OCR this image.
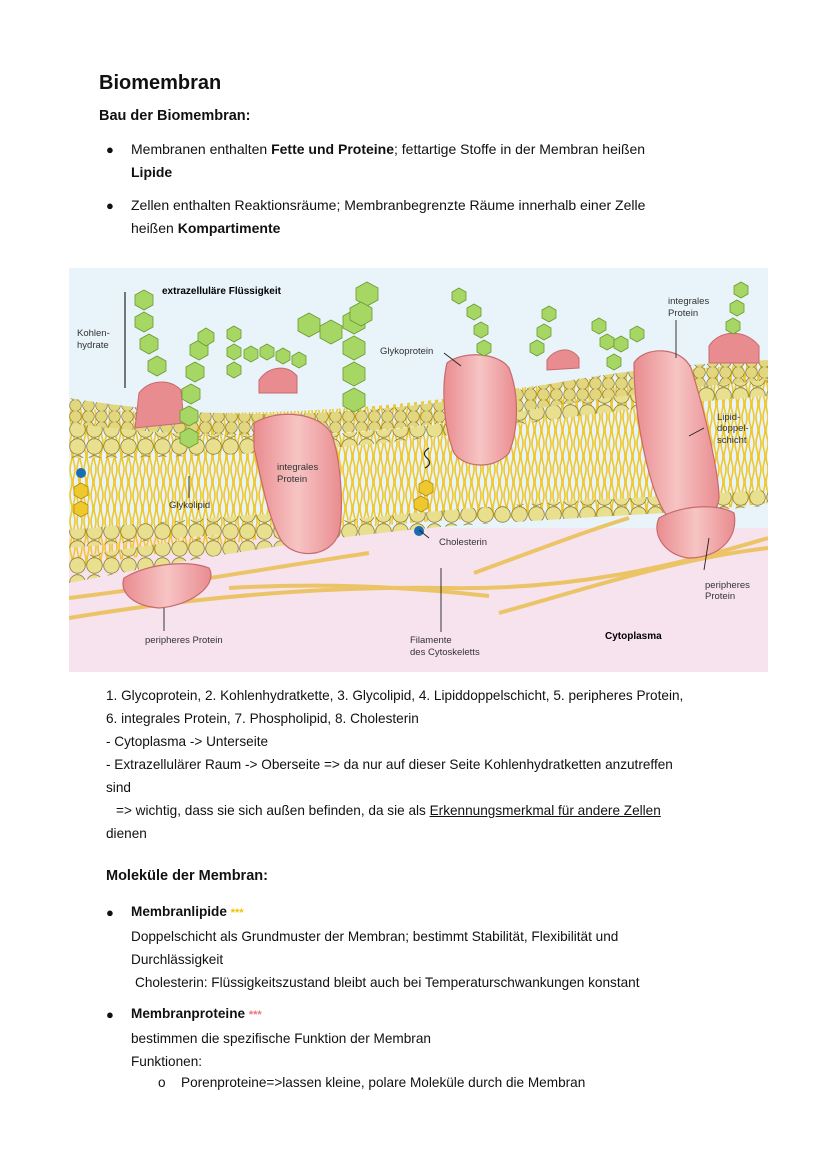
Biomembran
Bau der Biomembran:
● Membranen enthalten Fette und Proteine; fettartige Stoffe in der Membran heißen
Lipide
● Zellen enthalten Reaktionsräume; Membranbegrenzte Räume innerhalb einer Zelle
heißen Kompartimente
extrazelluläre Flüssigkeit
Kohlen-
hydrate
Glykoprotein
integrales
Protein
integrales
Protein
Lipid-
doppel-
schicht
Glykolipid
Cholesterin
peripheres
Protein
peripheres Protein	Filamente
des Cytoskeletts
Cytoplasma
1. Glycoprotein, 2. Kohlenhydratkette, 3. Glycolipid, 4. Lipiddoppelschicht, 5. peripheres Protein,
6. integrales Protein, 7. Phospholipid, 8. Cholesterin
- Cytoplasma -> Unterseite
- Extrazellulärer Raum -> Oberseite => da nur auf dieser Seite Kohlenhydratketten anzutreffen
sind
=> wichtig, dass sie sich außen befinden, da sie als Erkennungsmerkmal für andere Zellen
dienen
Moleküle der Membran:
● Membranlipide ***
Doppelschicht als Grundmuster der Membran; bestimmt Stabilität, Flexibilität und
Durchlässigkeit
Cholesterin: Flüssigkeitszustand bleibt auch bei Temperaturschwankungen konstant
● Membranproteine ***
bestimmen die spezifische Funktion der Membran
Funktionen:
o Porenproteine=>lassen kleine, polare Moleküle durch die Membran
